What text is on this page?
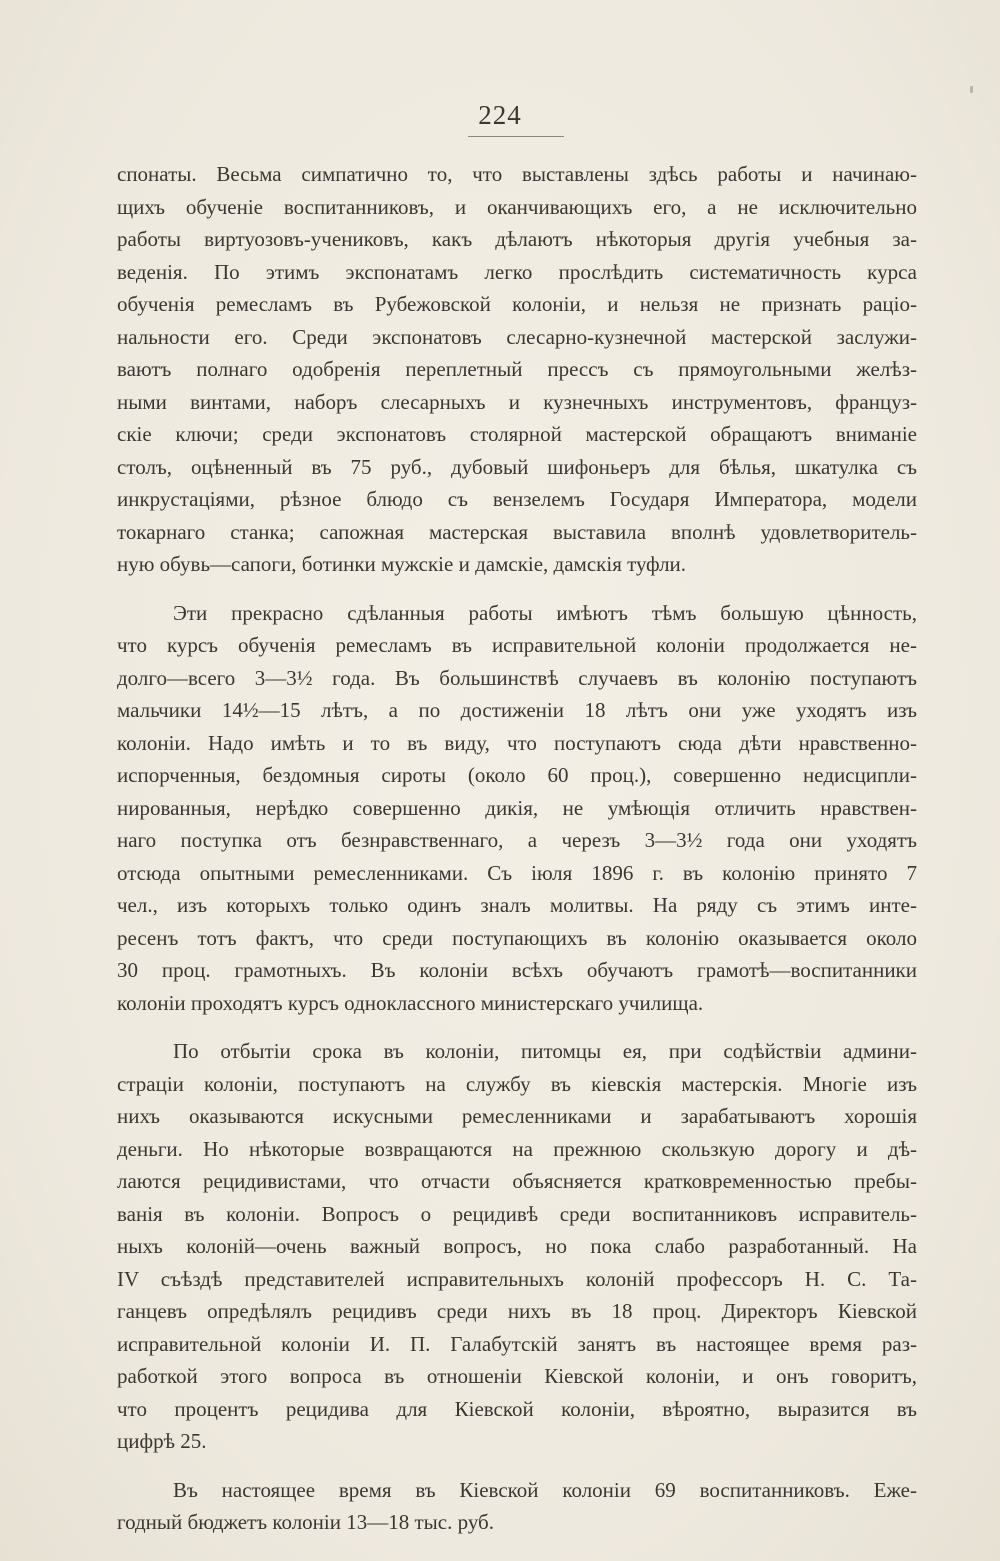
224
спонаты. Весьма симпатично то, что выставлены здѣсь работы и начинаю-
щихъ обученіе воспитанниковъ, и оканчивающихъ его, а не исключительно
работы виртуозовъ-учениковъ, какъ дѣлаютъ нѣкоторыя другія учебныя за-
веденія. По этимъ экспонатамъ легко прослѣдить систематичность курса
обученія ремесламъ въ Рубежовской колоніи, и нельзя не признать раціо-
нальности его. Среди экспонатовъ слесарно-кузнечной мастерской заслужи-
ваютъ полнаго одобренія переплетный прессъ съ прямоугольными желѣз-
ными винтами, наборъ слесарныхъ и кузнечныхъ инструментовъ, француз-
скіе ключи; среди экспонатовъ столярной мастерской обращаютъ вниманіе
столъ, оцѣненный въ 75 руб., дубовый шифоньеръ для бѣлья, шкатулка съ
инкрустаціями, рѣзное блюдо съ вензелемъ Государя Императора, модели
токарнаго станка; сапожная мастерская выставила вполнѣ удовлетворитель-
ную обувь—сапоги, ботинки мужскіе и дамскіе, дамскія туфли.
Эти прекрасно сдѣланныя работы имѣютъ тѣмъ большую цѣнность,
что курсъ обученія ремесламъ въ исправительной колоніи продолжается не-
долго—всего 3—3½ года. Въ большинствѣ случаевъ въ колонію поступаютъ
мальчики 14½—15 лѣтъ, а по достиженіи 18 лѣтъ они уже уходятъ изъ
колоніи. Надо имѣть и то въ виду, что поступаютъ сюда дѣти нравственно-
испорченныя, бездомныя сироты (около 60 проц.), совершенно недисципли-
нированныя, нерѣдко совершенно дикія, не умѣющія отличить нравствен-
наго поступка отъ безнравственнаго, а черезъ 3—3½ года они уходятъ
отсюда опытными ремесленниками. Съ іюля 1896 г. въ колонію принято 7
чел., изъ которыхъ только одинъ зналъ молитвы. На ряду съ этимъ инте-
ресенъ тотъ фактъ, что среди поступающихъ въ колонію оказывается около
30 проц. грамотныхъ. Въ колоніи всѣхъ обучаютъ грамотѣ—воспитанники
колоніи проходятъ курсъ одноклассного министерскаго училища.
По отбытіи срока въ колоніи, питомцы ея, при содѣйствіи админи-
страціи колоніи, поступаютъ на службу въ кіевскія мастерскія. Многіе изъ
нихъ оказываются искусными ремесленниками и зарабатываютъ хорошія
деньги. Но нѣкоторые возвращаются на прежнюю скользкую дорогу и дѣ-
лаются рецидивистами, что отчасти объясняется кратковременностью пребы-
ванія въ колоніи. Вопросъ о рецидивѣ среди воспитанниковъ исправитель-
ныхъ колоній—очень важный вопросъ, но пока слабо разработанный. На
IV съѣздѣ представителей исправительныхъ колоній профессоръ Н. С. Та-
ганцевъ опредѣлялъ рецидивъ среди нихъ въ 18 проц. Директоръ Кіевской
исправительной колоніи И. П. Галабутскій занятъ въ настоящее время раз-
работкой этого вопроса въ отношеніи Кіевской колоніи, и онъ говоритъ,
что процентъ рецидива для Кіевской колоніи, вѣроятно, выразится въ
цифрѣ 25.
Въ настоящее время въ Кіевской колоніи 69 воспитанниковъ. Еже-
годный бюджетъ колоніи 13—18 тыс. руб.
